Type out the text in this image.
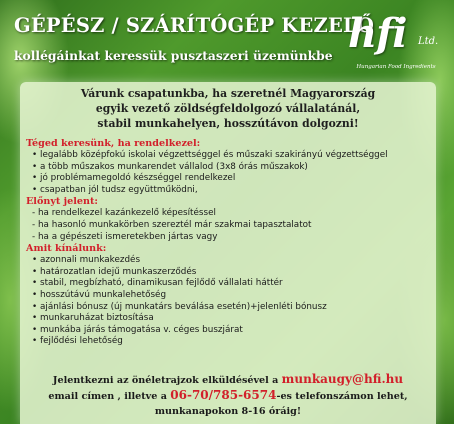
GÉPÉSZ / SZÁRÍTÓGÉP KEZELŐ

kollégáinkat keressük pusztaszeri üzemünkbe hfi Ltd.
Hungarian Food Ingredients
Várunk csapatunkba, ha szeretnél Magyarország
egyik vezető zöldségfeldolgozó vállalatánál,
stabil munkahelyen, hosszútávon dolgozni!
Téged keresünk, ha rendelkezel:
• legalább középfokú iskolai végzettséggel és műszaki szakirányú végzettséggel
• a több műszakos munkarendet vállalod (3x8 órás műszakok)
• jó problémamegoldó készséggel rendelkezel
• csapatban jól tudsz együttműködni,
Előnyt jelent:
- ha rendelkezel kazánkezelő képesítéssel
- ha hasonló munkakörben szereztél már szakmai tapasztalatot
- ha a gépészeti ismeretekben jártas vagy
Amit kínálunk:
• azonnali munkakezdés
• határozatlan idejű munkaszerződés
• stabil, megbízható, dinamikusan fejlődő vállalati háttér
• hosszútávú munkalehetőség
• ajánlási bónusz (új munkatárs beválása esetén)+jelenléti bónusz
• munkaruházat biztosítása
• munkába járás támogatása v. céges buszjárat
• fejlődési lehetőség
Jelentkezni az önéletrajzok elküldésével a munkaugy@hfi.hu
email címen , illetve a 06-70/785-6574-es telefonszámon lehet,
munkanapokon 8-16 óráig!
